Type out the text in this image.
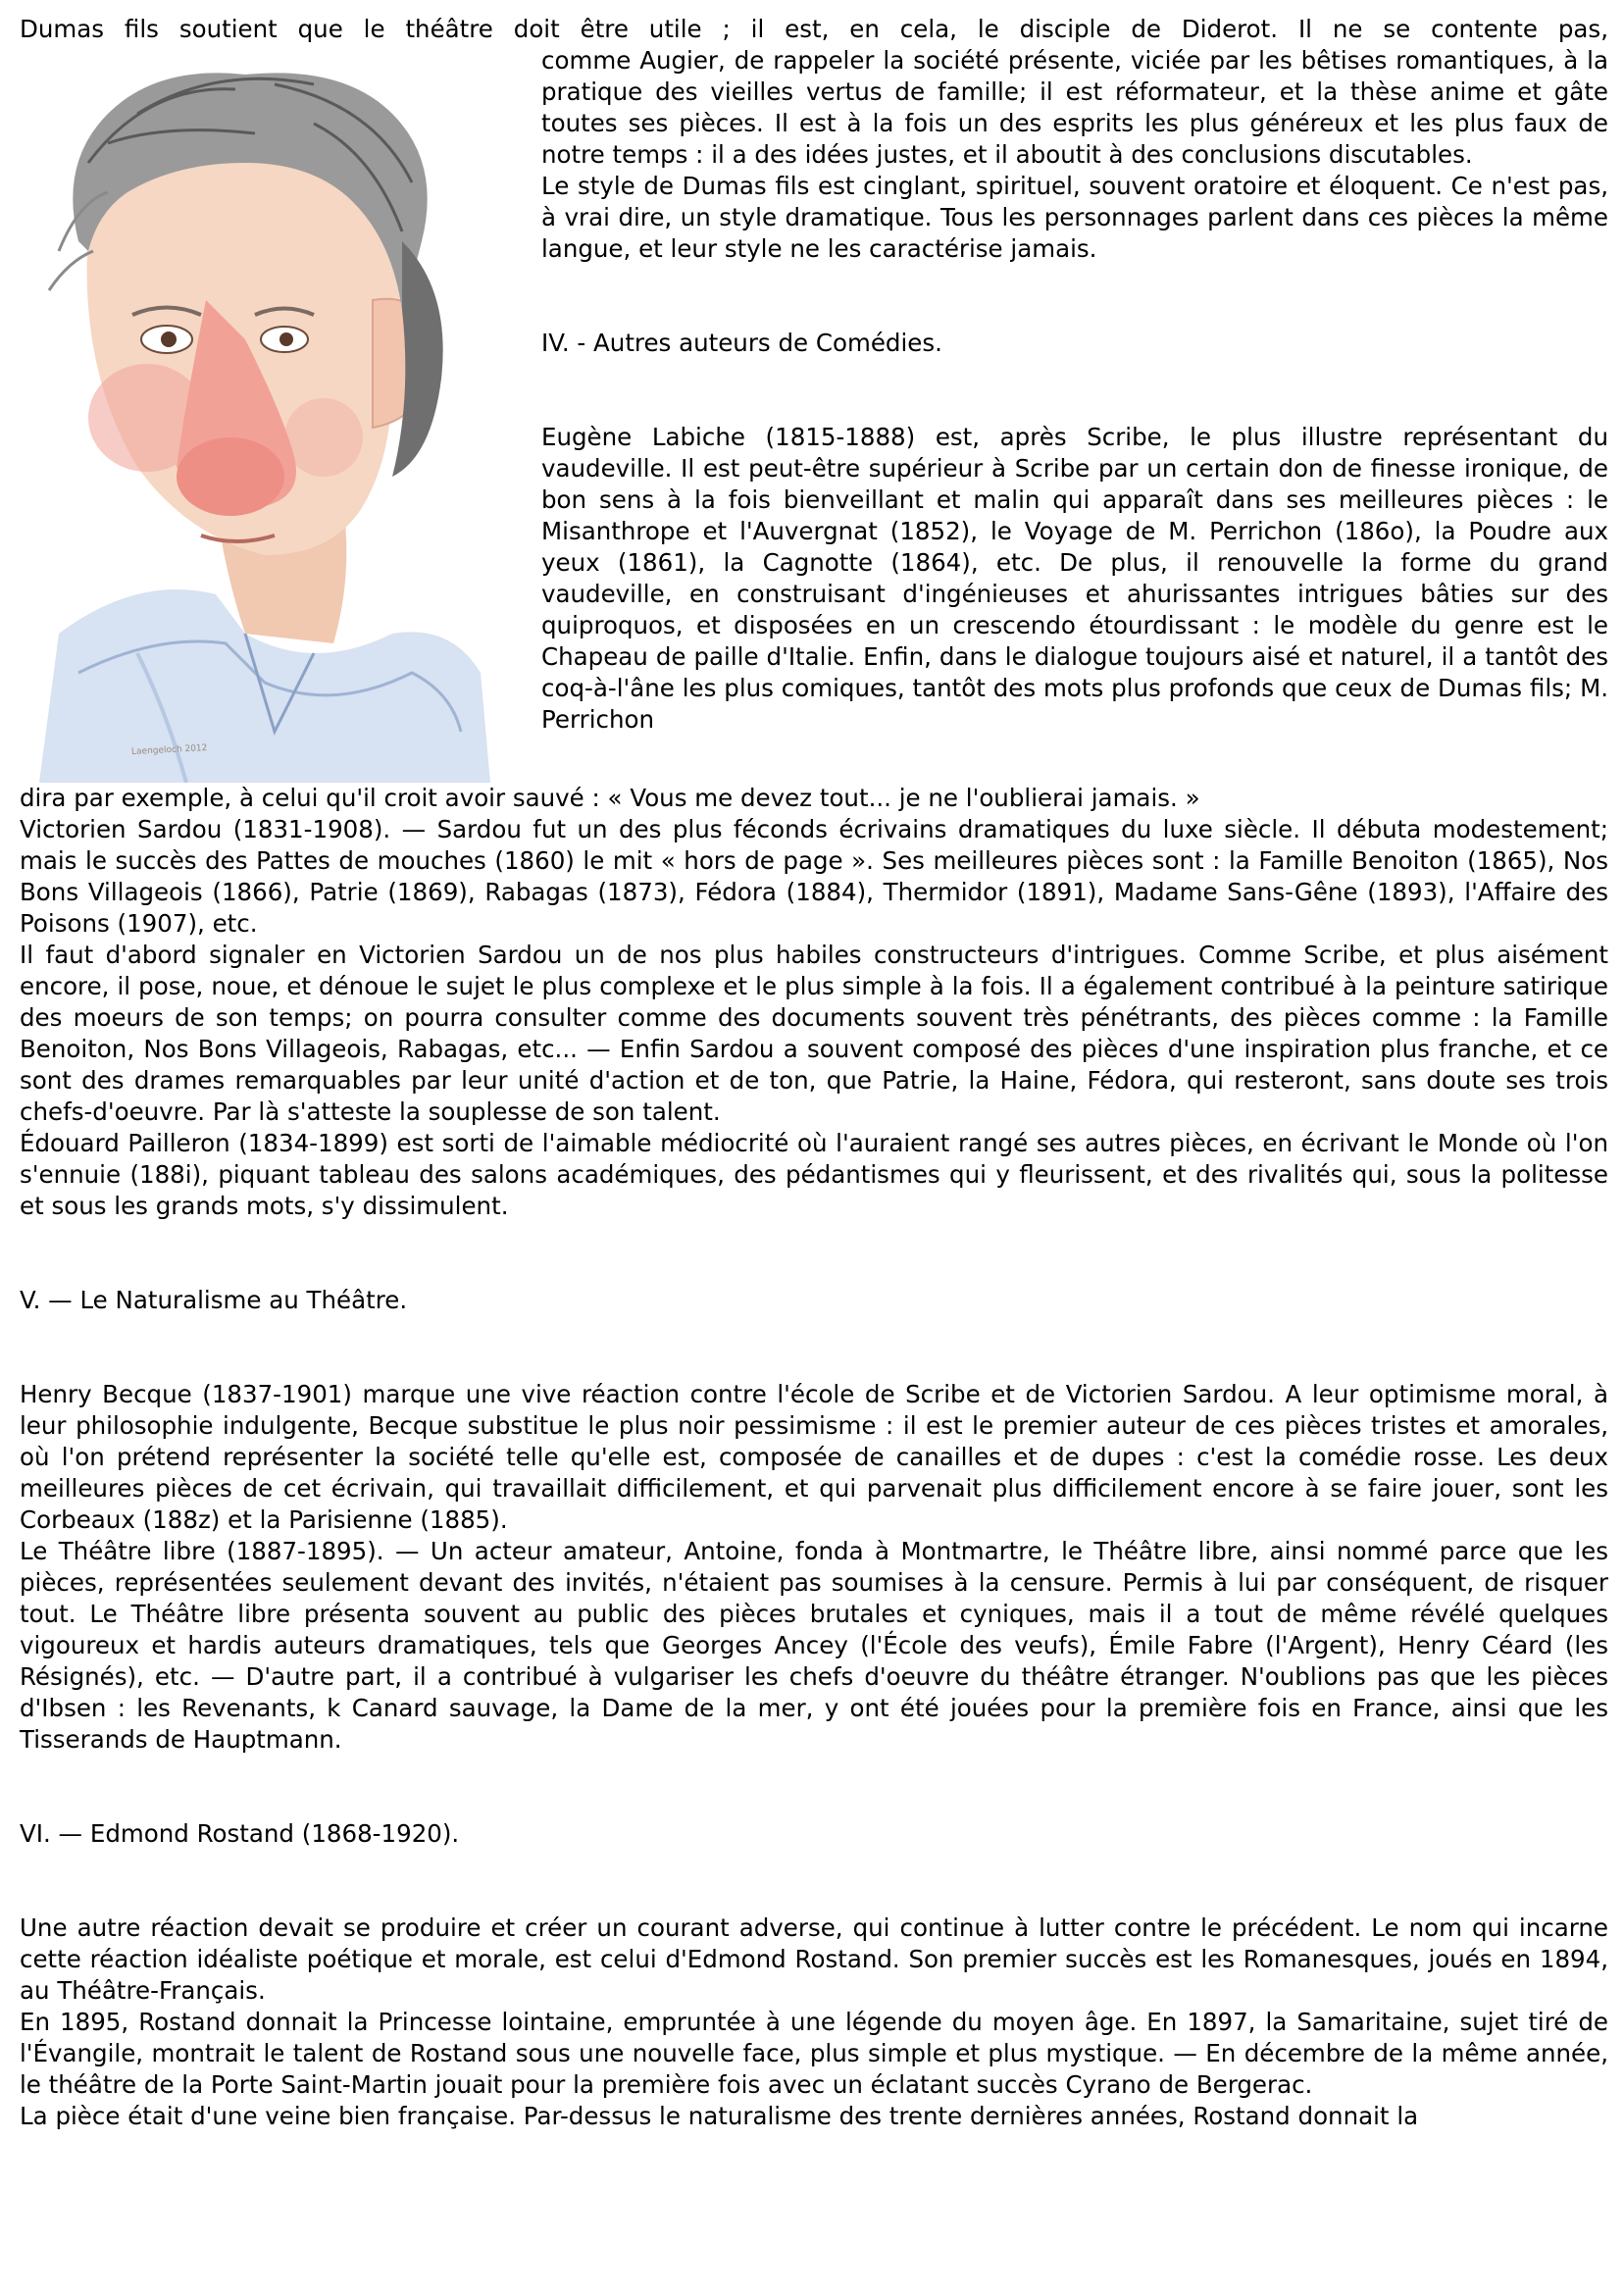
Dumas fils soutient que le théâtre doit être utile ; il est, en cela, le disciple de Diderot. Il ne se contente pas,

Laengeloch 2012

comme Augier, de rappeler la société présente, viciée par les bêtises romantiques, à la pratique des vieilles vertus de famille; il est réformateur, et la thèse anime et gâte toutes ses pièces. Il est à la fois un des esprits les plus généreux et les plus faux de notre temps : il a des idées justes, et il aboutit à des conclusions discutables.

Le style de Dumas fils est cinglant, spirituel, souvent oratoire et éloquent. Ce n'est pas, à vrai dire, un style dramatique. Tous les personnages parlent dans ces pièces la même langue, et leur style ne les caractérise jamais.

IV. - Autres auteurs de Comédies.

Eugène Labiche (1815-1888) est, après Scribe, le plus illustre représentant du vaudeville. Il est peut-être supérieur à Scribe par un certain don de finesse ironique, de bon sens à la fois bienveillant et malin qui apparaît dans ses meilleures pièces : le Misanthrope et l'Auvergnat (1852), le Voyage de M. Perrichon (186o), la Poudre aux yeux (1861), la Cagnotte (1864), etc. De plus, il renouvelle la forme du grand vaudeville, en construisant d'ingénieuses et ahurissantes intrigues bâties sur des quiproquos, et disposées en un crescendo étourdissant : le modèle du genre est le Chapeau de paille d'Italie. Enfin, dans le dialogue toujours aisé et naturel, il a tantôt des coq-à-l'âne les plus comiques, tantôt des mots plus profonds que ceux de Dumas fils; M. Perrichon

dira par exemple, à celui qu'il croit avoir sauvé : « Vous me devez tout... je ne l'oublierai jamais. »

Victorien Sardou (1831-1908). — Sardou fut un des plus féconds écrivains dramatiques du luxe siècle. Il débuta modestement; mais le succès des Pattes de mouches (1860) le mit « hors de page ». Ses meilleures pièces sont : la Famille Benoiton (1865), Nos Bons Villageois (1866), Patrie (1869), Rabagas (1873), Fédora (1884), Thermidor (1891), Madame Sans-Gêne (1893), l'Affaire des Poisons (1907), etc.

Il faut d'abord signaler en Victorien Sardou un de nos plus habiles constructeurs d'intrigues. Comme Scribe, et plus aisément encore, il pose, noue, et dénoue le sujet le plus complexe et le plus simple à la fois. Il a également contribué à la peinture satirique des moeurs de son temps; on pourra consulter comme des documents souvent très pénétrants, des pièces comme : la Famille Benoiton, Nos Bons Villageois, Rabagas, etc... — Enfin Sardou a souvent composé des pièces d'une inspiration plus franche, et ce sont des drames remarquables par leur unité d'action et de ton, que Patrie, la Haine, Fédora, qui resteront, sans doute ses trois chefs-d'oeuvre. Par là s'atteste la souplesse de son talent.

Édouard Pailleron (1834-1899) est sorti de l'aimable médiocrité où l'auraient rangé ses autres pièces, en écrivant le Monde où l'on s'ennuie (188i), piquant tableau des salons académiques, des pédantismes qui y fleurissent, et des rivalités qui, sous la politesse et sous les grands mots, s'y dissimulent.

V. — Le Naturalisme au Théâtre.

Henry Becque (1837-1901) marque une vive réaction contre l'école de Scribe et de Victorien Sardou. A leur optimisme moral, à leur philosophie indulgente, Becque substitue le plus noir pessimisme : il est le premier auteur de ces pièces tristes et amorales, où l'on prétend représenter la société telle qu'elle est, composée de canailles et de dupes : c'est la comédie rosse. Les deux meilleures pièces de cet écrivain, qui travaillait difficilement, et qui parvenait plus difficilement encore à se faire jouer, sont les Corbeaux (188z) et la Parisienne (1885).

Le Théâtre libre (1887-1895). — Un acteur amateur, Antoine, fonda à Montmartre, le Théâtre libre, ainsi nommé parce que les pièces, représentées seulement devant des invités, n'étaient pas soumises à la censure. Permis à lui par conséquent, de risquer tout. Le Théâtre libre présenta souvent au public des pièces brutales et cyniques, mais il a tout de même révélé quelques vigoureux et hardis auteurs dramatiques, tels que Georges Ancey (l'École des veufs), Émile Fabre (l'Argent), Henry Céard (les Résignés), etc. — D'autre part, il a contribué à vulgariser les chefs d'oeuvre du théâtre étranger. N'oublions pas que les pièces d'Ibsen : les Revenants, k Canard sauvage, la Dame de la mer, y ont été jouées pour la première fois en France, ainsi que les Tisserands de Hauptmann.

VI. — Edmond Rostand (1868-1920).

Une autre réaction devait se produire et créer un courant adverse, qui continue à lutter contre le précédent. Le nom qui incarne cette réaction idéaliste poétique et morale, est celui d'Edmond Rostand. Son premier succès est les Romanesques, joués en 1894, au Théâtre-Français.

En 1895, Rostand donnait la Princesse lointaine, empruntée à une légende du moyen âge. En 1897, la Samaritaine, sujet tiré de l'Évangile, montrait le talent de Rostand sous une nouvelle face, plus simple et plus mystique. — En décembre de la même année, le théâtre de la Porte Saint-Martin jouait pour la première fois avec un éclatant succès Cyrano de Bergerac.

La pièce était d'une veine bien française. Par-dessus le naturalisme des trente dernières années, Rostand donnait la
